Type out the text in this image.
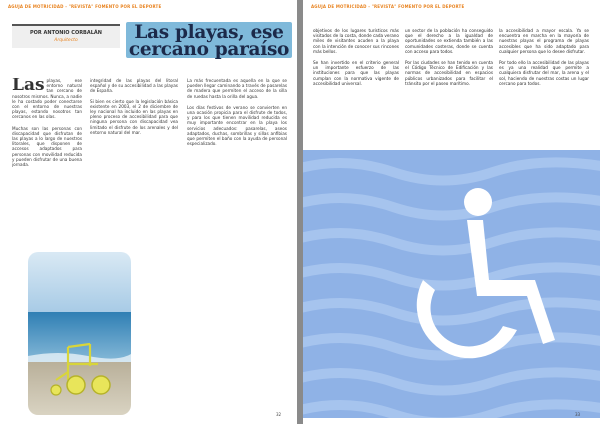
AGUJA DE MOTRICIDAD - "REVISTA" FOMENTO POR EL DEPORTE
POR ANTONIO CORBALÁN
Arquitecto	Las playas, ese
cercano paraíso
Las playas, ese entorno natural tan cercano de nosotros mismos. Nunca, a nadie le ha costado poder conectarse con el entorno de nuestras playas, estando nosotros tan cercanos en las olas.
Muchas son las personas con discapacidad que disfrutan de las playas a lo largo de nuestros litorales, que disponen de accesos adaptados para personas con movilidad reducida y pueden disfrutar de una buena jornada.
integridad de las playas del litoral español y de su accesibilidad a las playas de España.
Si bien es cierto que la legislación básica existente en 2003, el 2 de diciembre de ley nacional ha incluido en las playas en pleno proceso de accesibilidad para que ninguna persona con discapacidad vea limitado el disfrute de los arenales y del entorno natural del mar.
La más frecuentada es aquella en la que se pueden llegar caminando a través de pasarelas de madera que permiten el acceso de la silla de ruedas hasta la orilla del agua.
Los días festivos de verano se convierten en una ocasión propicia para el disfrute de todos, y para los que tienen movilidad reducida es muy importante encontrar en la playa los servicios adecuados: pasarelas, aseos adaptados, duchas, sombrillas y sillas anfibias que permiten el baño con la ayuda de personal especializado.
32
AGUJA DE MOTRICIDAD - "REVISTA" FOMENTO POR EL DEPORTE
objetivos de los lugares turísticos más visitados de la costa, donde cada verano miles de visitantes acuden a la playa con la intención de conocer sus rincones más bellos.
Se han invertido en el criterio general un importante esfuerzo de las instituciones para que las playas cumplan con la normativa vigente de accesibilidad universal.
un sector de la población ha conseguido que el derecho a la igualdad de oportunidades se extienda también a las comunidades costeras, donde se cuenta con acceso para todos.
Por las ciudades se han tenido en cuenta el Código Técnico de Edificación y las normas de accesibilidad en espacios públicos urbanizados para facilitar el tránsito por el paseo marítimo.
la accesibilidad a mayor escala. Ya se encuentra en marcha en la mayoría de nuestras playas el programa de playas accesibles que ha sido adaptado para cualquier persona que lo desee disfrutar.
Por todo ello la accesibilidad de las playas es ya una realidad que permite a cualquiera disfrutar del mar, la arena y el sol, haciendo de nuestras costas un lugar cercano para todos.
33
